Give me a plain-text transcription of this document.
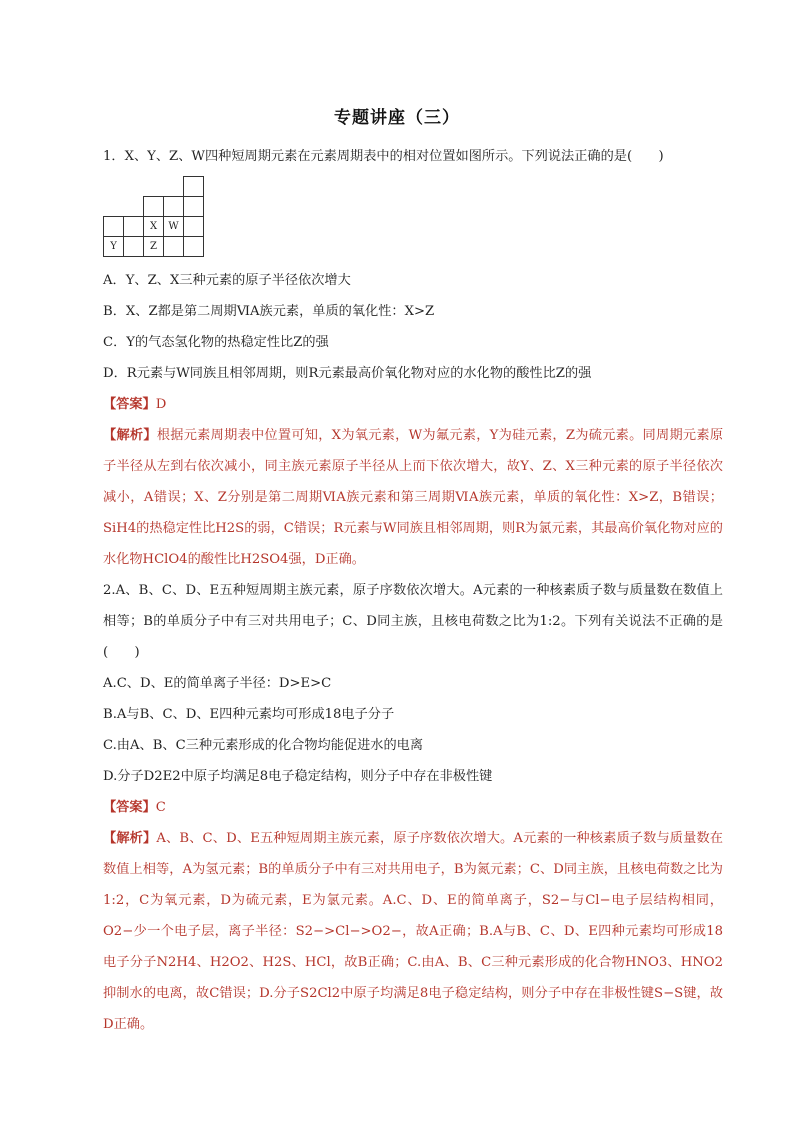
专题讲座（三）
1．X、Y、Z、W四种短周期元素在元素周期表中的相对位置如图所示。下列说法正确的是(　　)

		X	W	
Y		Z		
A．Y、Z、X三种元素的原子半径依次增大
B．X、Z都是第二周期ⅥA族元素，单质的氧化性：X>Z
C．Y的气态氢化物的热稳定性比Z的强
D．R元素与W同族且相邻周期，则R元素最高价氧化物对应的水化物的酸性比Z的强
【答案】D
【解析】根据元素周期表中位置可知，X为氧元素，W为氟元素，Y为硅元素，Z为硫元素。同周期元素原子半径从左到右依次减小，同主族元素原子半径从上而下依次增大，故Y、Z、X三种元素的原子半径依次减小，A错误；X、Z分别是第二周期ⅥA族元素和第三周期ⅥA族元素，单质的氧化性：X>Z，B错误；SiH4的热稳定性比H2S的弱，C错误；R元素与W同族且相邻周期，则R为氯元素，其最高价氧化物对应的水化物HClO4的酸性比H2SO4强，D正确。
2.A、B、C、D、E五种短周期主族元素，原子序数依次增大。A元素的一种核素质子数与质量数在数值上相等；B的单质分子中有三对共用电子；C、D同主族，且核电荷数之比为1:2。下列有关说法不正确的是(　　)
A.C、D、E的简单离子半径：D>E>C
B.A与B、C、D、E四种元素均可形成18电子分子
C.由A、B、C三种元素形成的化合物均能促进水的电离
D.分子D2E2中原子均满足8电子稳定结构，则分子中存在非极性键
【答案】C
【解析】A、B、C、D、E五种短周期主族元素，原子序数依次增大。A元素的一种核素质子数与质量数在数值上相等，A为氢元素；B的单质分子中有三对共用电子，B为氮元素；C、D同主族，且核电荷数之比为1:2，C为氧元素，D为硫元素，E为氯元素。A.C、D、E的简单离子，S2−与Cl−电子层结构相同，O2−少一个电子层，离子半径：S2−>Cl−>O2−，故A正确；B.A与B、C、D、E四种元素均可形成18电子分子N2H4、H2O2、H2S、HCl，故B正确；C.由A、B、C三种元素形成的化合物HNO3、HNO2抑制水的电离，故C错误；D.分子S2Cl2中原子均满足8电子稳定结构，则分子中存在非极性键S−S键，故D正确。
